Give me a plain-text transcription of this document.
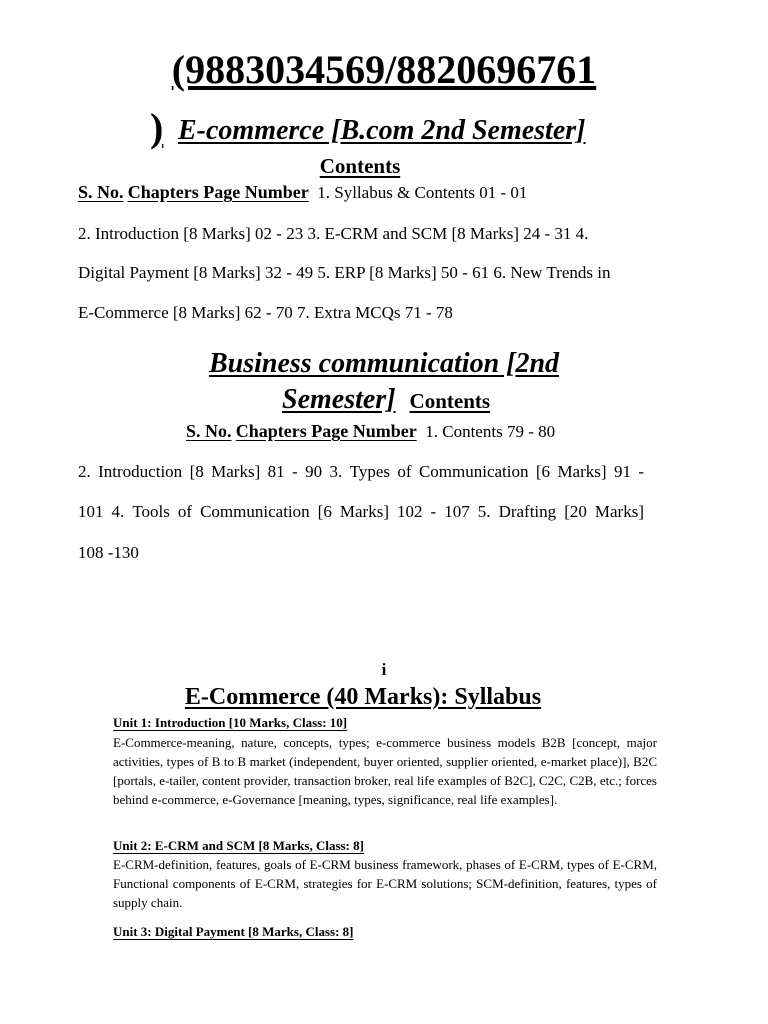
(9883034569/8820696761
) E-commerce [B.com 2nd Semester]
Contents
S. No. Chapters Page Number 1. Syllabus & Contents 01 - 01
2. Introduction [8 Marks] 02 - 23 3. E-CRM and SCM [8 Marks] 24 - 31 4.
Digital Payment [8 Marks] 32 - 49 5. ERP [8 Marks] 50 - 61 6. New Trends in
E-Commerce [8 Marks] 62 - 70 7. Extra MCQs 71 - 78
Business communication [2nd
Semester] Contents
S. No. Chapters Page Number 1. Contents 79 - 80
2. Introduction [8 Marks] 81 - 90 3. Types of Communication [6 Marks] 91 -
101 4. Tools of Communication [6 Marks] 102 - 107 5. Drafting [20 Marks]
108 -130
i
E-Commerce (40 Marks): Syllabus
Unit 1: Introduction [10 Marks, Class: 10]
E-Commerce-meaning, nature, concepts, types; e-commerce business models B2B [concept, major activities, types of B to B market (independent, buyer oriented, supplier oriented, e-market place)], B2C [portals, e-tailer, content provider, transaction broker, real life examples of B2C], C2C, C2B, etc.; forces behind e-commerce, e-Governance [meaning, types, significance, real life examples].
Unit 2: E-CRM and SCM [8 Marks, Class: 8]
E-CRM-definition, features, goals of E-CRM business framework, phases of E-CRM, types of E-CRM, Functional components of E-CRM, strategies for E-CRM solutions; SCM-definition, features, types of supply chain.
Unit 3: Digital Payment [8 Marks, Class: 8]
